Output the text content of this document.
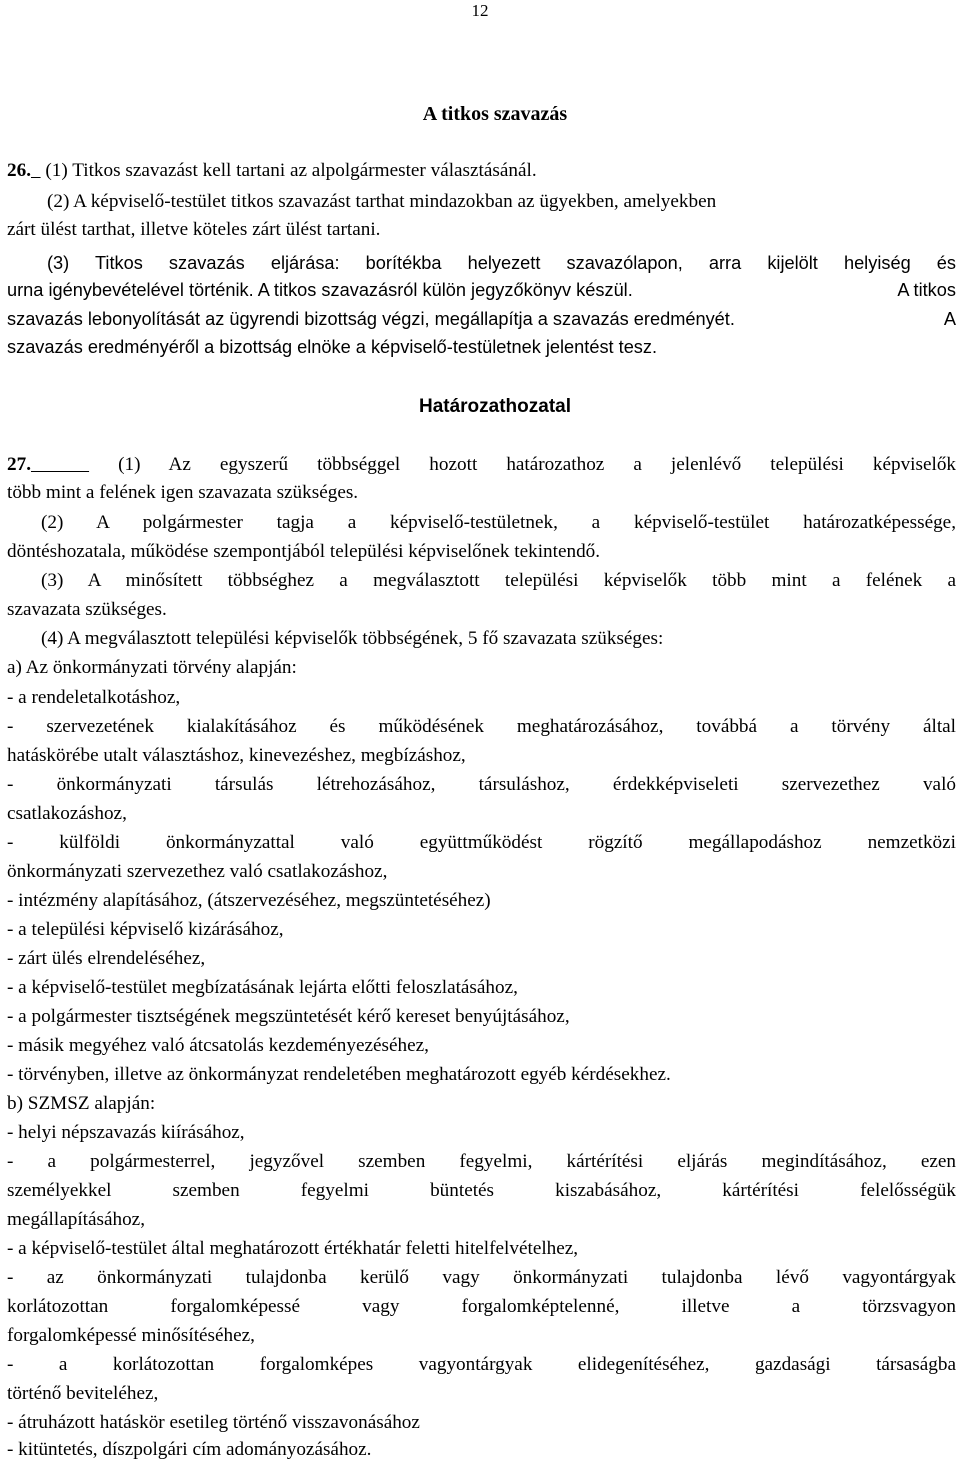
12
A titkos szavazás
26. (1) Titkos szavazást kell tartani az alpolgármester választásánál.
(2) A képviselő-testület titkos szavazást tarthat mindazokban az ügyekben, amelyekben
zárt ülést tarthat, illetve köteles zárt ülést tartani.
(3) Titkos szavazás eljárása: borítékba helyezett szavazólapon, arra kijelölt helyiség és
urna igénybevételével történik. A titkos szavazásról külön jegyzőkönyv készül.	A titkos
szavazás lebonyolítását az ügyrendi bizottság végzi, megállapítja a szavazás eredményét.	A
szavazás eredményéről a bizottság elnöke a képviselő-testületnek jelentést tesz.
Határozathozatal
27.	(1) Az egyszerű többséggel hozott határozathoz a jelenlévő települési képviselők
több mint a felének igen szavazata szükséges.
(2) A polgármester tagja a képviselő-testületnek, a képviselő-testület határozatképessége,
döntéshozatala, működése szempontjából települési képviselőnek tekintendő.
(3) A minősített többséghez a megválasztott települési képviselők több mint a felének a
szavazata szükséges.
(4) A megválasztott települési képviselők többségének, 5 fő szavazata szükséges:
a) Az önkormányzati törvény alapján:
- a rendeletalkotáshoz,
- szervezetének kialakításához és működésének meghatározásához, továbbá a törvény által
hatáskörébe utalt választáshoz, kinevezéshez, megbízáshoz,
- önkormányzati társulás létrehozásához, társuláshoz, érdekképviseleti szervezethez való
csatlakozáshoz,
- külföldi önkormányzattal való együttműködést rögzítő megállapodáshoz nemzetközi
önkormányzati szervezethez való csatlakozáshoz,
- intézmény alapításához, (átszervezéséhez, megszüntetéséhez)
- a települési képviselő kizárásához,
- zárt ülés elrendeléséhez,
- a képviselő-testület megbízatásának lejárta előtti feloszlatásához,
- a polgármester tisztségének megszüntetését kérő kereset benyújtásához,
- másik megyéhez való átcsatolás kezdeményezéséhez,
- törvényben, illetve az önkormányzat rendeletében meghatározott egyéb kérdésekhez.
b) SZMSZ alapján:
- helyi népszavazás kiírásához,
- a polgármesterrel, jegyzővel szemben fegyelmi, kártérítési eljárás megindításához, ezen
személyekkel szemben fegyelmi büntetés kiszabásához, kártérítési felelősségük
megállapításához,
- a képviselő-testület által meghatározott értékhatár feletti hitelfelvételhez,
- az önkormányzati tulajdonba kerülő vagy önkormányzati tulajdonba lévő vagyontárgyak
korlátozottan forgalomképessé vagy forgalomképtelenné, illetve a törzsvagyon
forgalomképessé minősítéséhez,
- a korlátozottan forgalomképes vagyontárgyak elidegenítéséhez, gazdasági társaságba
történő beviteléhez,
- átruházott hatáskör esetileg történő visszavonásához
- kitüntetés, díszpolgári cím adományozásához.
